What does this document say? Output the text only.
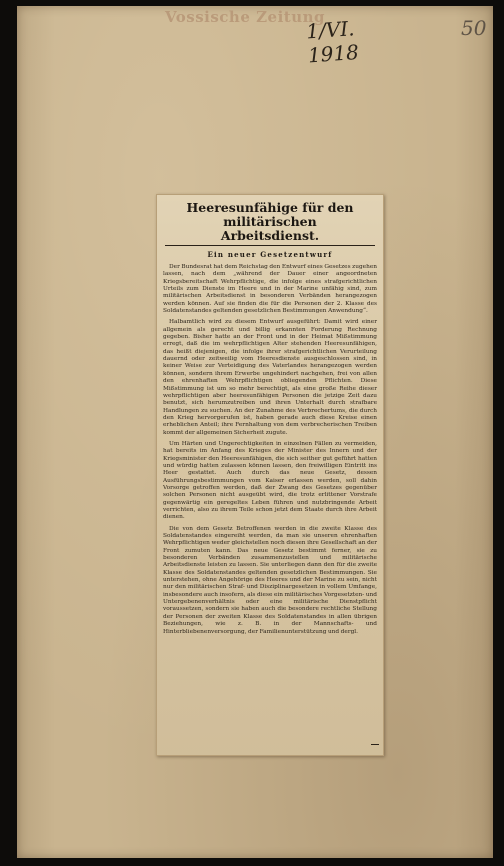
Vossische Zeitung
1/VI. 1918
50
Heeresunfähige für den militärischen
Arbeitsdienst.
Ein neuer Gesetzentwurf

Der Bundesrat hat dem Reichstag den Entwurf eines Gesetzes zugehen lassen, nach dem „während der Dauer einer angeordneten Kriegsbereitschaft Wehrpflichtige, die infolge eines strafgerichtlichen Urteils zum Dienste im Heere und in der Marine unfähig sind, zum militärischen Arbeitsdienst in besonderen Verbänden herangezogen werden können. Auf sie finden die für die Personen der 2. Klasse des Soldatenstandes geltenden gesetzlichen Bestimmungen Anwendung“.

Halbamtlich wird zu diesem Entwurf ausgeführt: Damit wird einer allgemein als gerecht und billig erkannten Forderung Rechnung gegeben. Bisher hatte an der Front und in der Heimat Mißstimmung erregt, daß die im wehrpflichtigen Alter stehenden Heeresunfähigen, das heißt diejenigen, die infolge ihrer strafgerichtlichen Verurteilung dauernd oder zeitweilig vom Heeresdienste ausgeschlossen sind, in keiner Weise zur Verteidigung des Vaterlandes herangezogen werden können, sondern ihrem Erwerbe ungehindert nachgehen, frei von allen den ehrenhaften Wehrpflichtigen obliegenden Pflichten. Diese Mißstimmung ist um so mehr berechtigt, als eine große Reihe dieser wehrpflichtigen aber heeresunfähigen Personen die jetzige Zeit dazu benutzt, sich herumzutreiben und ihren Unterhalt durch strafbare Handlungen zu suchen. An der Zunahme des Verbrechertums, die durch den Krieg hervorgerufen ist, haben gerade auch diese Kreise einen erheblichen Anteil; ihre Fernhaltung von dem verbrecherischen Treiben kommt der allgemeinen Sicherheit zugute.

Um Härten und Ungerechtigkeiten in einzelnen Fällen zu vermeiden, hat bereits im Anfang des Krieges der Minister des Innern und der Kriegsminister den Heeresunfähigen, die sich seither gut geführt hatten und würdig hatten zulassen können lassen, den freiwilligen Eintritt ins Heer gestattet. Auch durch das neue Gesetz, dessen Ausführungsbestimmungen vom Kaiser erlassen werden, soll dahin Vorsorge getroffen werden, daß der Zwang des Gesetzes gegenüber solchen Personen nicht ausgeübt wird, die trotz erlittener Vorstrafe gegenwärtig ein geregeltes Leben führen und nutzbringende Arbeit verrichten, also zu ihrem Teile schon jetzt dem Staate durch ihre Arbeit dienen.

Die von dem Gesetz Betroffenen werden in die zweite Klasse des Soldatenstandes eingereiht werden, da man sie unseren ehrenhaften Wehrpflichtigen weder gleichstellen noch diesen ihre Gesellschaft an der Front zumuten kann. Das neue Gesetz bestimmt ferner, sie zu besonderen Verbänden zusammenzustellen und militärische Arbeitsdienste leisten zu lassen. Sie unterliegen dann den für die zweite Klasse des Soldatenstandes geltenden gesetzlichen Bestimmungen. Sie unterstehen, ohne Angehörige des Heeres und der Marine zu sein, nicht nur den militärischen Straf- und Disziplinargesetzen in vollem Umfange, insbesondere auch insofern, als diese ein militärisches Vorgesetzten- und Untergebenenverhältnis oder eine militärische Dienstpflicht voraussetzen, sondern sie haben auch die besondere rechtliche Stellung der Personen der zweiten Klasse des Soldatenstandes in allen übrigen Beziehungen, wie z. B. in der Mannschafts- und Hinterbliebenenversorgung, der Familienunterstützung und dergl.
